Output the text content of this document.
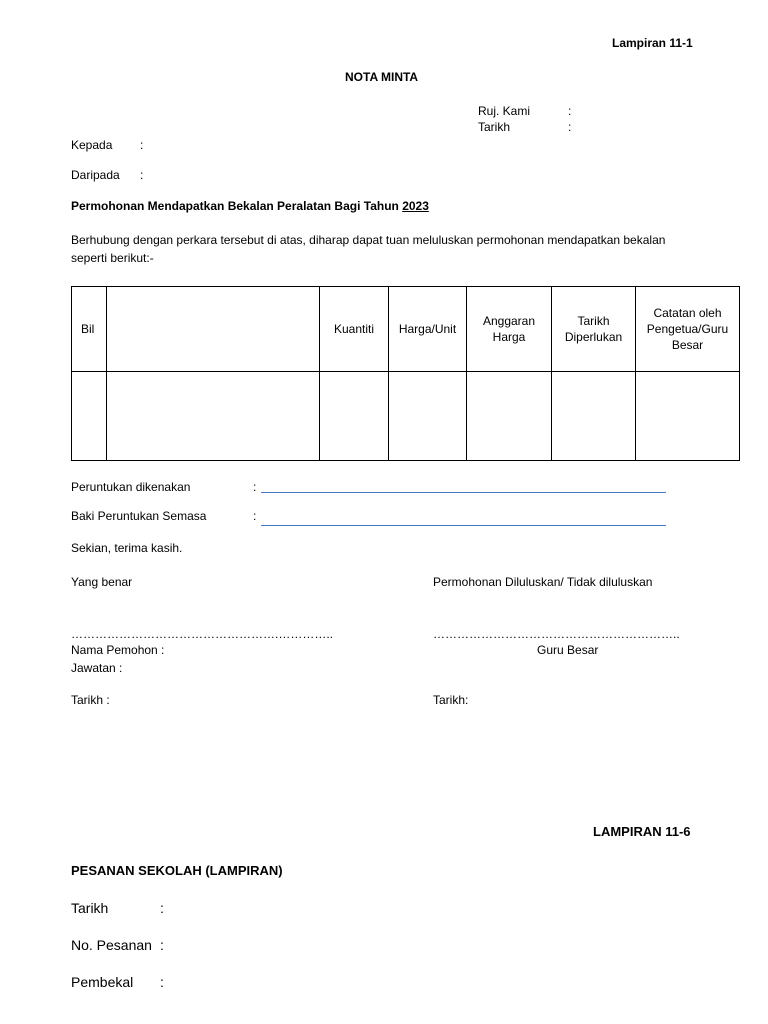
Lampiran 11-1
NOTA MINTA
Ruj. Kami	:
Tarikh	:
Kepada :
Daripada :
Permohonan Mendapatkan Bekalan Peralatan Bagi Tahun 2023
Berhubung dengan perkara tersebut di atas, diharap dapat tuan meluluskan permohonan mendapatkan bekalan
seperti berikut:-
Bil		Kuantiti	Harga/Unit	Anggaran Harga	Tarikh Diperlukan	Catatan oleh Pengetua/Guru Besar

Peruntukan dikenakan	:
Baki Peruntukan Semasa	:
Sekian, terima kasih.
Yang benar	Permohonan Diluluskan/ Tidak diluluskan
…………………………………………….…………..	……………………………………………………..
Nama Pemohon :	Guru Besar
Jawatan :
Tarikh :	Tarikh:
LAMPIRAN 11-6
PESANAN SEKOLAH (LAMPIRAN)
Tarikh	:
No. Pesanan :
Pembekal :
